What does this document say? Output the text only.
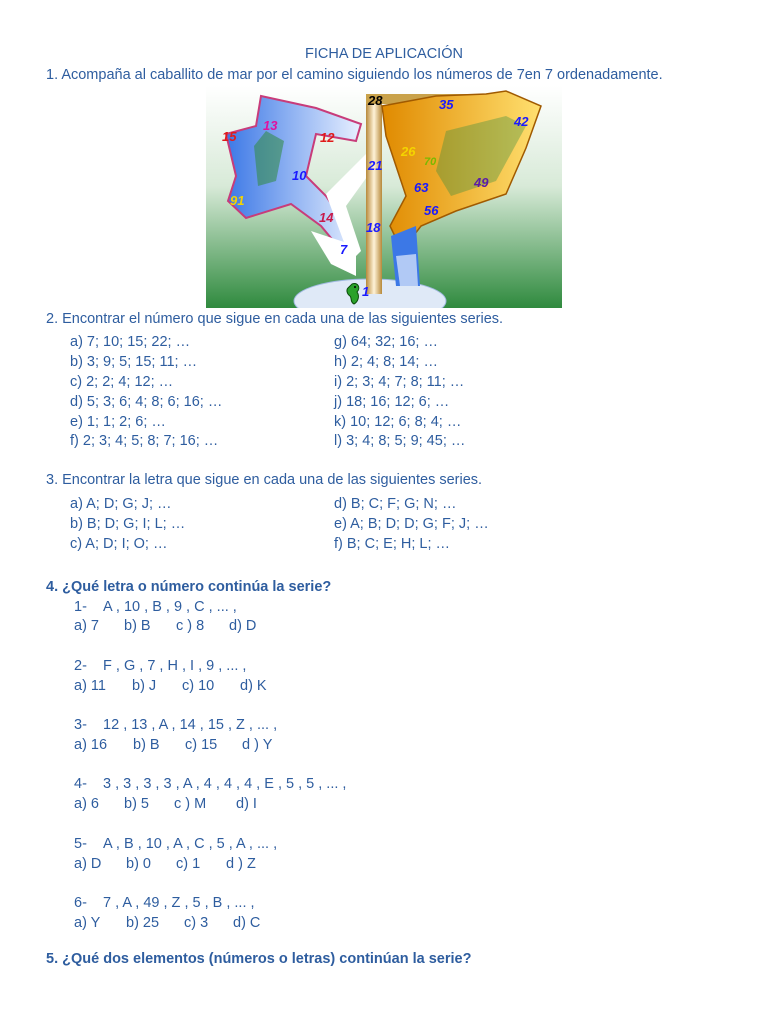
FICHA DE APLICACIÓN
1. Acompaña al caballito de mar por el camino siguiendo los números de 7en 7 ordenadamente.
28	35
42
13
12
15
26
70
21
10
63	49
91
56
14
18
7
1
2. Encontrar el número que sigue en cada una de las siguientes series.
a) 7; 10; 15; 22; …
b) 3; 9; 5; 15; 11; …
c) 2; 2; 4; 12; …
d) 5; 3; 6; 4; 8; 6; 16; …
e) 1; 1; 2; 6; …
f) 2; 3; 4; 5; 8; 7; 16; …
g) 64; 32; 16; …
h) 2; 4; 8; 14; …
i) 2; 3; 4; 7; 8; 11; …
j) 18; 16; 12; 6; …
k) 10; 12; 6; 8; 4; …
l) 3; 4; 8; 5; 9; 45; …
3. Encontrar la letra que sigue en cada una de las siguientes series.
a) A; D; G; J; …
b) B; D; G; I; L; …
c) A; D; I; O; …
d) B; C; F; G; N; …
e) A; B; D; D; G; F; J; …
f) B; C; E; H; L; …
4. ¿Qué letra o número continúa la serie?
1- A , 10 , B , 9 , C , ... ,
a) 7 b) B c ) 8 d) D
2- F , G , 7 , H , I , 9 , ... ,
a) 11 b) J c) 10 d) K
3- 12 , 13 , A , 14 , 15 , Z , ... ,
a) 16 b) B c) 15 d ) Y
4- 3 , 3 , 3 , 3 , A , 4 , 4 , 4 , E , 5 , 5 , ... ,
a) 6 b) 5 c ) M d) I
5- A , B , 10 , A , C , 5 , A , ... ,
a) D b) 0 c) 1 d ) Z
6- 7 , A , 49 , Z , 5 , B , ... ,
a) Y b) 25 c) 3 d) C
5. ¿Qué dos elementos (números o letras) continúan la serie?
